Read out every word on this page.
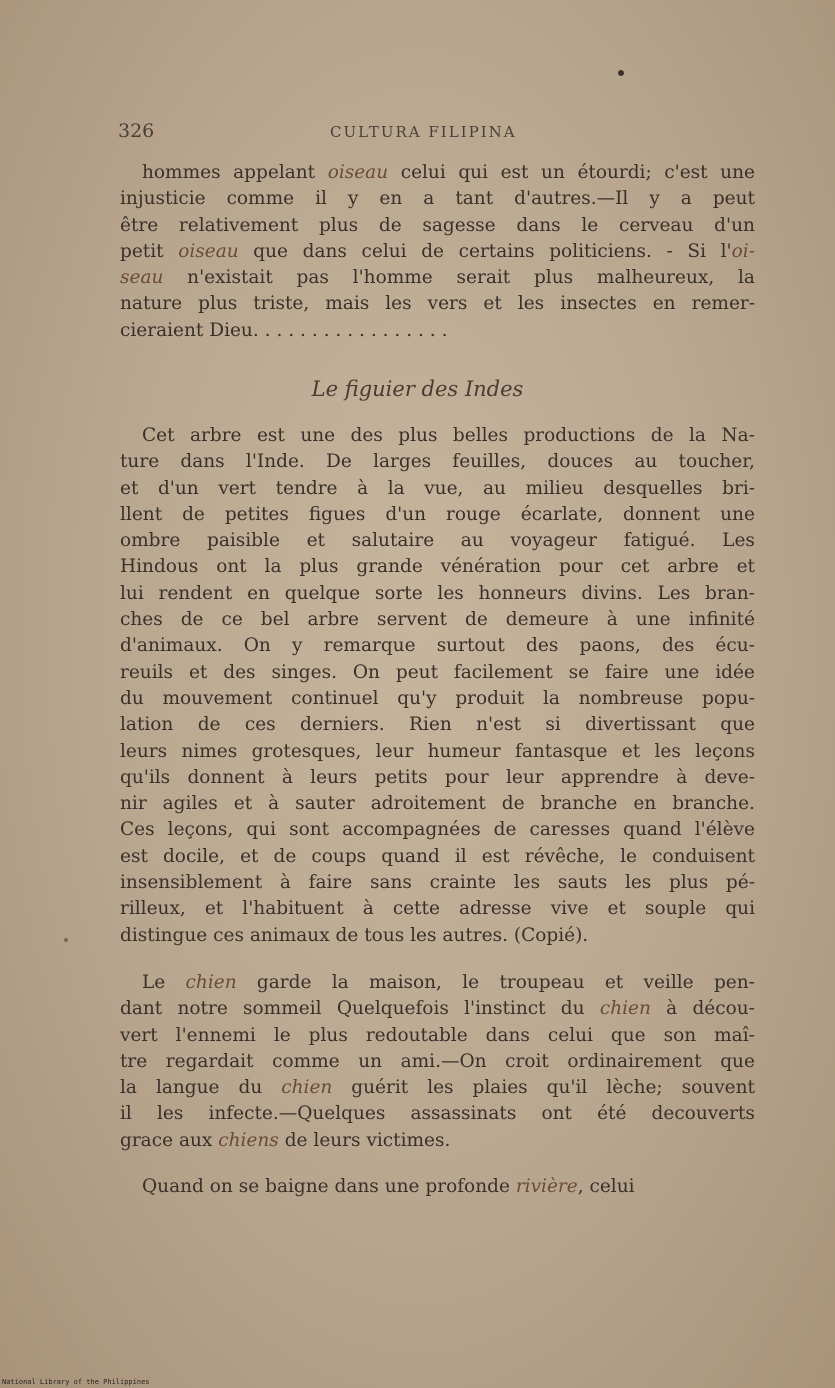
326	CULTURA FILIPINA
hommes appelant oiseau celui qui est un étourdi; c'est une
injusticie comme il y en a tant d'autres.—Il y a peut
être relativement plus de sagesse dans le cerveau d'un
petit oiseau que dans celui de certains politiciens. - Si l'oi-
seau n'existait pas l'homme serait plus malheureux, la
nature plus triste, mais les vers et les insectes en remer-
cieraient Dieu. . . . . . . . . . . . . . . . .
Le figuier des Indes
Cet arbre est une des plus belles productions de la Na-
ture dans l'Inde. De larges feuilles, douces au toucher,
et d'un vert tendre à la vue, au milieu desquelles bri-
llent de petites figues d'un rouge écarlate, donnent une
ombre paisible et salutaire au voyageur fatigué. Les
Hindous ont la plus grande vénération pour cet arbre et
lui rendent en quelque sorte les honneurs divins. Les bran-
ches de ce bel arbre servent de demeure à une infinité
d'animaux. On y remarque surtout des paons, des écu-
reuils et des singes. On peut facilement se faire une idée
du mouvement continuel qu'y produit la nombreuse popu-
lation de ces derniers. Rien n'est si divertissant que
leurs nimes grotesques, leur humeur fantasque et les leçons
qu'ils donnent à leurs petits pour leur apprendre à deve-
nir agiles et à sauter adroitement de branche en branche.
Ces leçons, qui sont accompagnées de caresses quand l'élève
est docile, et de coups quand il est révêche, le conduisent
insensiblement à faire sans crainte les sauts les plus pé-
rilleux, et l'habituent à cette adresse vive et souple qui
distingue ces animaux de tous les autres. (Copié).
Le chien garde la maison, le troupeau et veille pen-
dant notre sommeil Quelquefois l'instinct du chien à décou-
vert l'ennemi le plus redoutable dans celui que son maî-
tre regardait comme un ami.—On croit ordinairement que
la langue du chien guérit les plaies qu'il lèche; souvent
il les infecte.—Quelques assassinats ont été decouverts
grace aux chiens de leurs victimes.
Quand on se baigne dans une profonde rivière, celui
National Library of the Philippines
